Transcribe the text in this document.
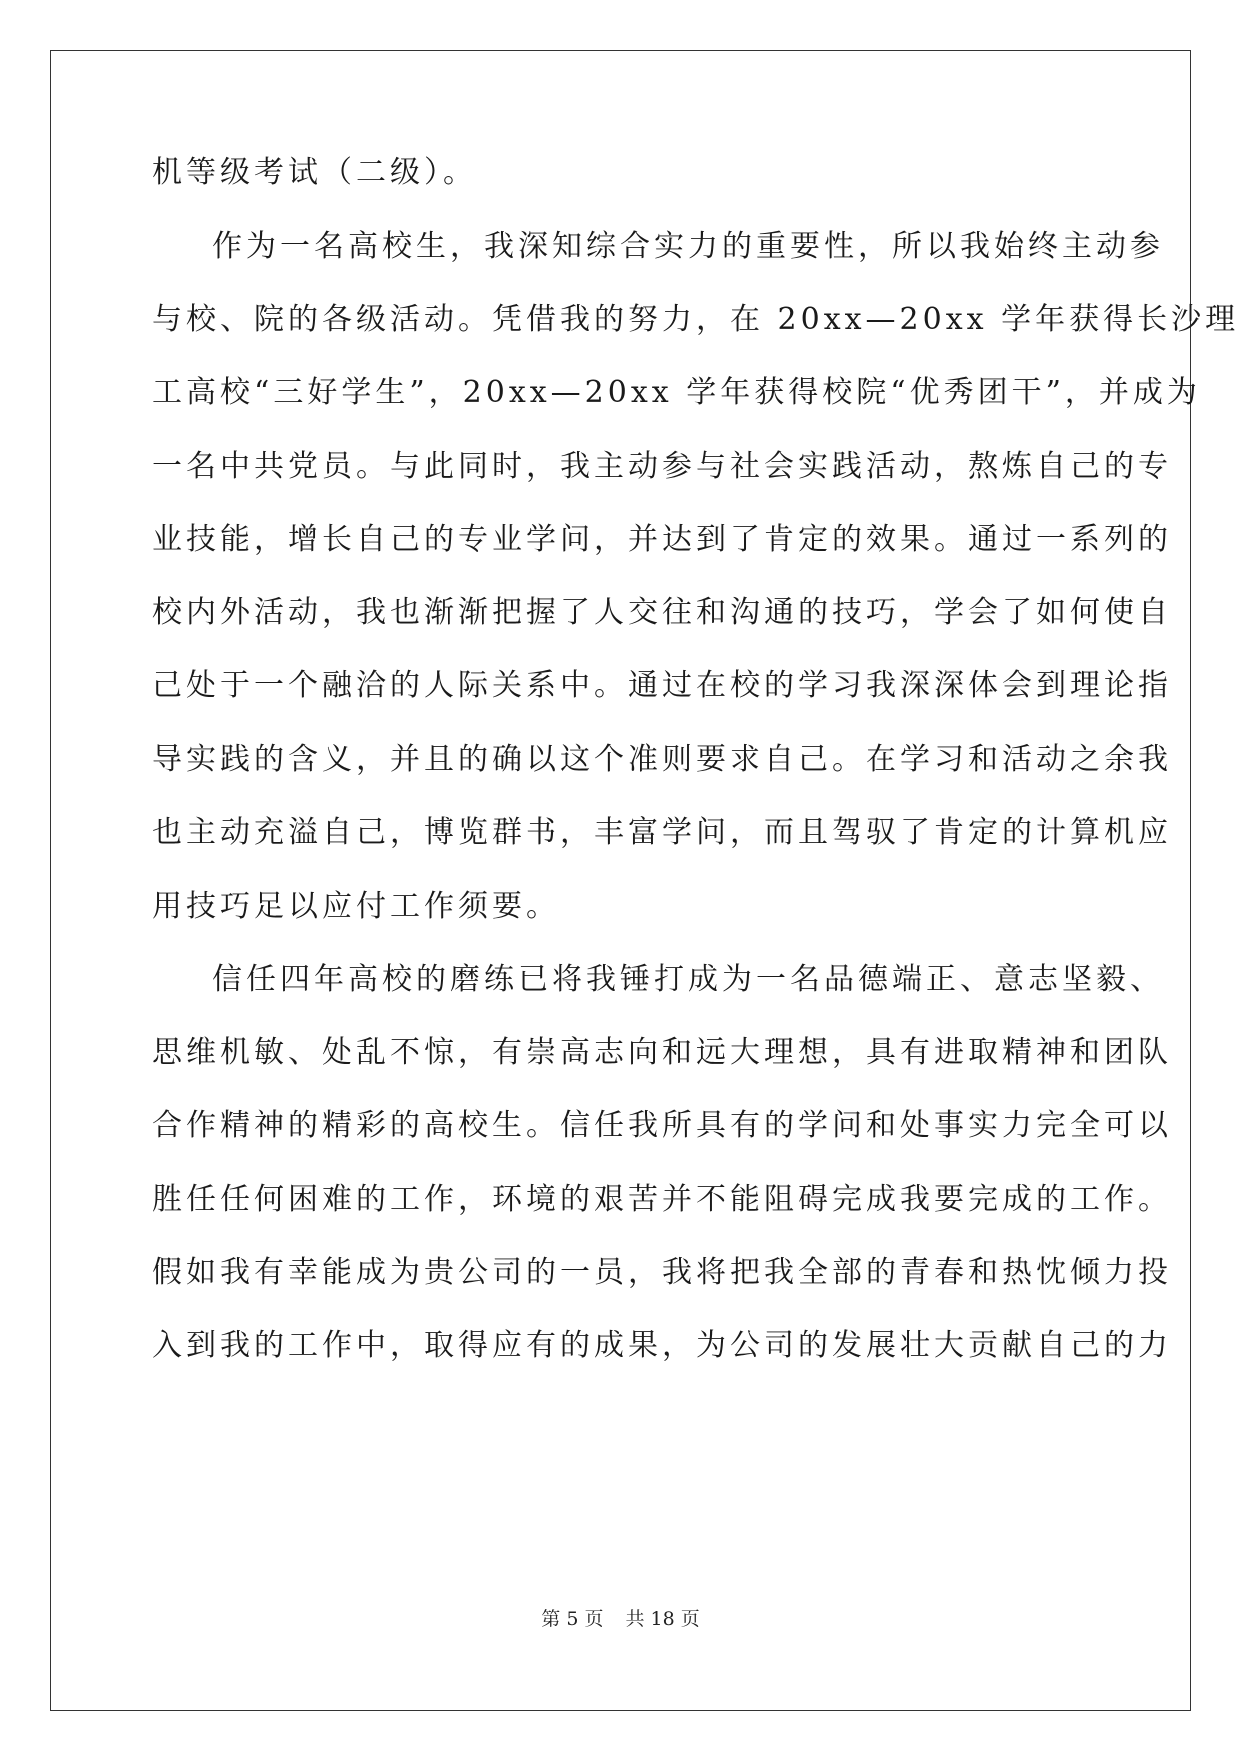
机等级考试（二级）。
作为一名高校生，我深知综合实力的重要性，所以我始终主动参
与校、院的各级活动。凭借我的努力，在 20xx—20xx 学年获得长沙理
工高校“三好学生”，20xx—20xx 学年获得校院“优秀团干”，并成为
一名中共党员。与此同时，我主动参与社会实践活动，熬炼自己的专
业技能，增长自己的专业学问，并达到了肯定的效果。通过一系列的
校内外活动，我也渐渐把握了人交往和沟通的技巧，学会了如何使自
己处于一个融洽的人际关系中。通过在校的学习我深深体会到理论指
导实践的含义，并且的确以这个准则要求自己。在学习和活动之余我
也主动充溢自己，博览群书，丰富学问，而且驾驭了肯定的计算机应
用技巧足以应付工作须要。
信任四年高校的磨练已将我锤打成为一名品德端正、意志坚毅、
思维机敏、处乱不惊，有崇高志向和远大理想，具有进取精神和团队
合作精神的精彩的高校生。信任我所具有的学问和处事实力完全可以
胜任任何困难的工作，环境的艰苦并不能阻碍完成我要完成的工作。
假如我有幸能成为贵公司的一员，我将把我全部的青春和热忱倾力投
入到我的工作中，取得应有的成果，为公司的发展壮大贡献自己的力
第 5 页 共 18 页
